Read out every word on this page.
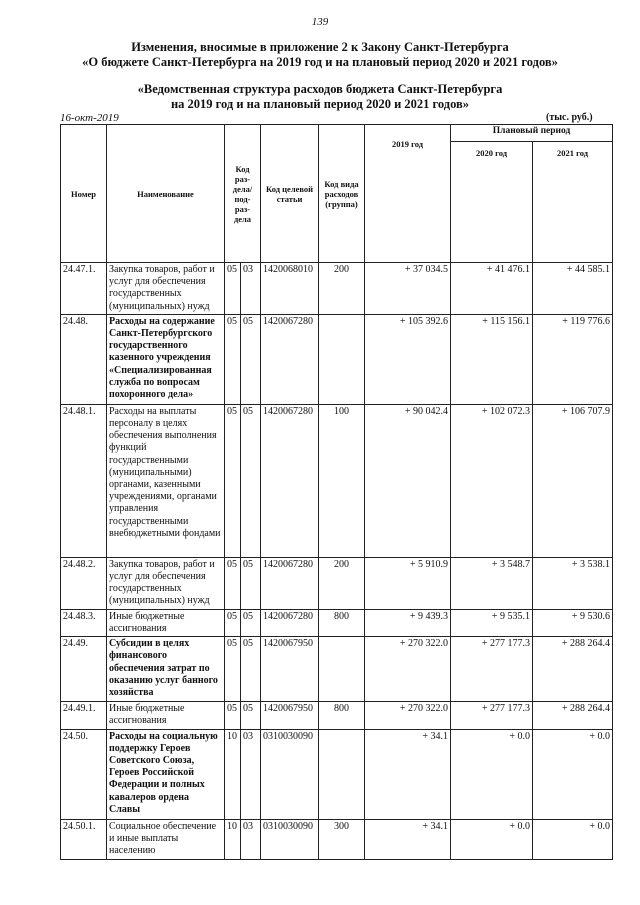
139
Изменения, вносимые в приложение 2 к Закону Санкт-Петербурга
«О бюджете Санкт-Петербурга на 2019 год и на плановый период 2020 и 2021 годов»
«Ведомственная структура расходов бюджета Санкт-Петербурга
на 2019 год и на плановый период 2020 и 2021 годов»
16-окт-2019	(тыс. руб.)
Номер	Наименование	Код раз-дела/ под-раз-дела		Код целевой статьи	Код вида расходов (группа)	2019 год	Плановый период	
							2020 год	2021 год
24.47.1.	Закупка товаров, работ и услуг для обеспечения государственных (муниципальных) нужд	05	03	1420068010	200	+ 37 034.5	+ 41 476.1	+ 44 585.1
24.48.	Расходы на содержание Санкт-Петербургского государственного казенного учреждения «Специализированная служба по вопросам похоронного дела»	05	05	1420067280		+ 105 392.6	+ 115 156.1	+ 119 776.6
24.48.1.	Расходы на выплаты персоналу в целях обеспечения выполнения функций государственными (муниципальными) органами, казенными учреждениями, органами управления государственными внебюджетными фондами	05	05	1420067280	100	+ 90 042.4	+ 102 072.3	+ 106 707.9
24.48.2.	Закупка товаров, работ и услуг для обеспечения государственных (муниципальных) нужд	05	05	1420067280	200	+ 5 910.9	+ 3 548.7	+ 3 538.1
24.48.3.	Иные бюджетные ассигнования	05	05	1420067280	800	+ 9 439.3	+ 9 535.1	+ 9 530.6
24.49.	Субсидии в целях финансового обеспечения затрат по оказанию услуг банного хозяйства	05	05	1420067950		+ 270 322.0	+ 277 177.3	+ 288 264.4
24.49.1.	Иные бюджетные ассигнования	05	05	1420067950	800	+ 270 322.0	+ 277 177.3	+ 288 264.4
24.50.	Расходы на социальную поддержку Героев Советского Союза, Героев Российской Федерации и полных кавалеров ордена Славы	10	03	0310030090		+ 34.1	+ 0.0	+ 0.0
24.50.1.	Социальное обеспечение и иные выплаты населению	10	03	0310030090	300	+ 34.1	+ 0.0	+ 0.0
